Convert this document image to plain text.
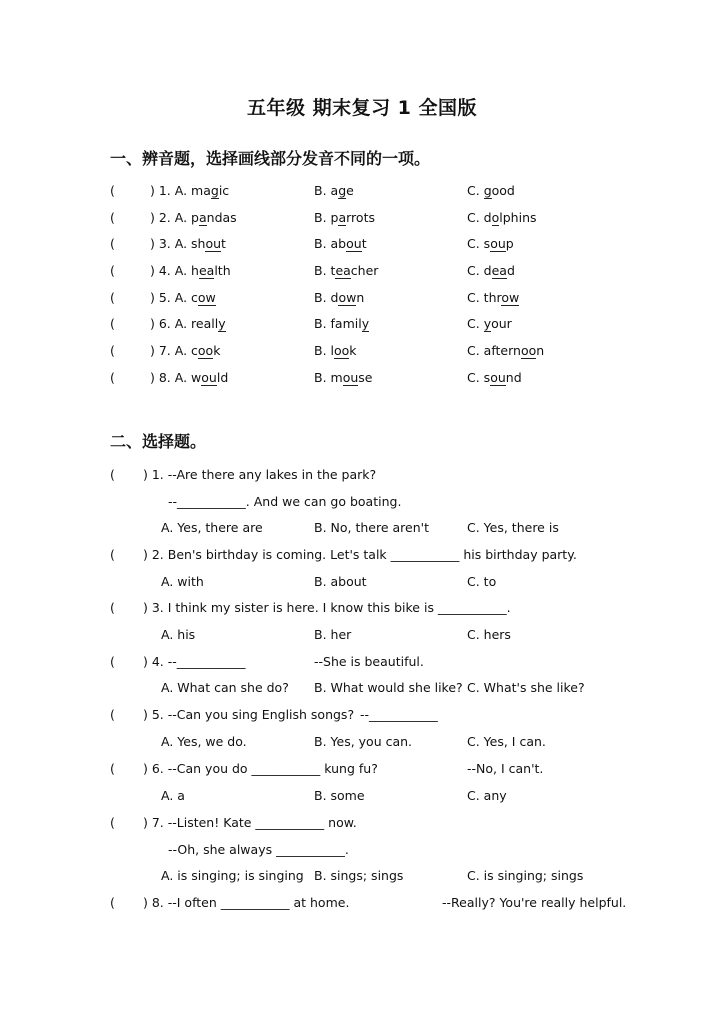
五年级 期末复习 1 全国版
一、辨音题，选择画线部分发音不同的一项。
(	) 1. A. magic	B. age	C. good
(	) 2. A. pandas	B. parrots	C. dolphins
(	) 3. A. shout	B. about	C. soup
(	) 4. A. health	B. teacher	C. dead
(	) 5. A. cow	B. down	C. throw
(	) 6. A. really	B. family	C. your
(	) 7. A. cook	B. look	C. afternoon
(	) 8. A. would	B. mouse	C. sound
二、选择题。
( ) 1. --Are there any lakes in the park?
--___________. And we can go boating.
A. Yes, there are	B. No, there aren't	C. Yes, there is
( ) 2. Ben's birthday is coming. Let's talk ___________ his birthday party.
A. with	B. about	C. to
( ) 3. I think my sister is here. I know this bike is ___________.
A. his	B. her	C. hers
( ) 4. --___________	--She is beautiful.
A. What can she do? B. What would she like? C. What's she like?
( ) 5. --Can you sing English songs? --___________
A. Yes, we do.	B. Yes, you can.	C. Yes, I can.
( ) 6. --Can you do ___________ kung fu?	--No, I can't.
A. a	B. some	C. any
( ) 7. --Listen! Kate ___________ now.
--Oh, she always ___________.
A. is singing; is singing B. sings; sings	C. is singing; sings
( ) 8. --I often ___________ at home.	--Really? You're really helpful.
